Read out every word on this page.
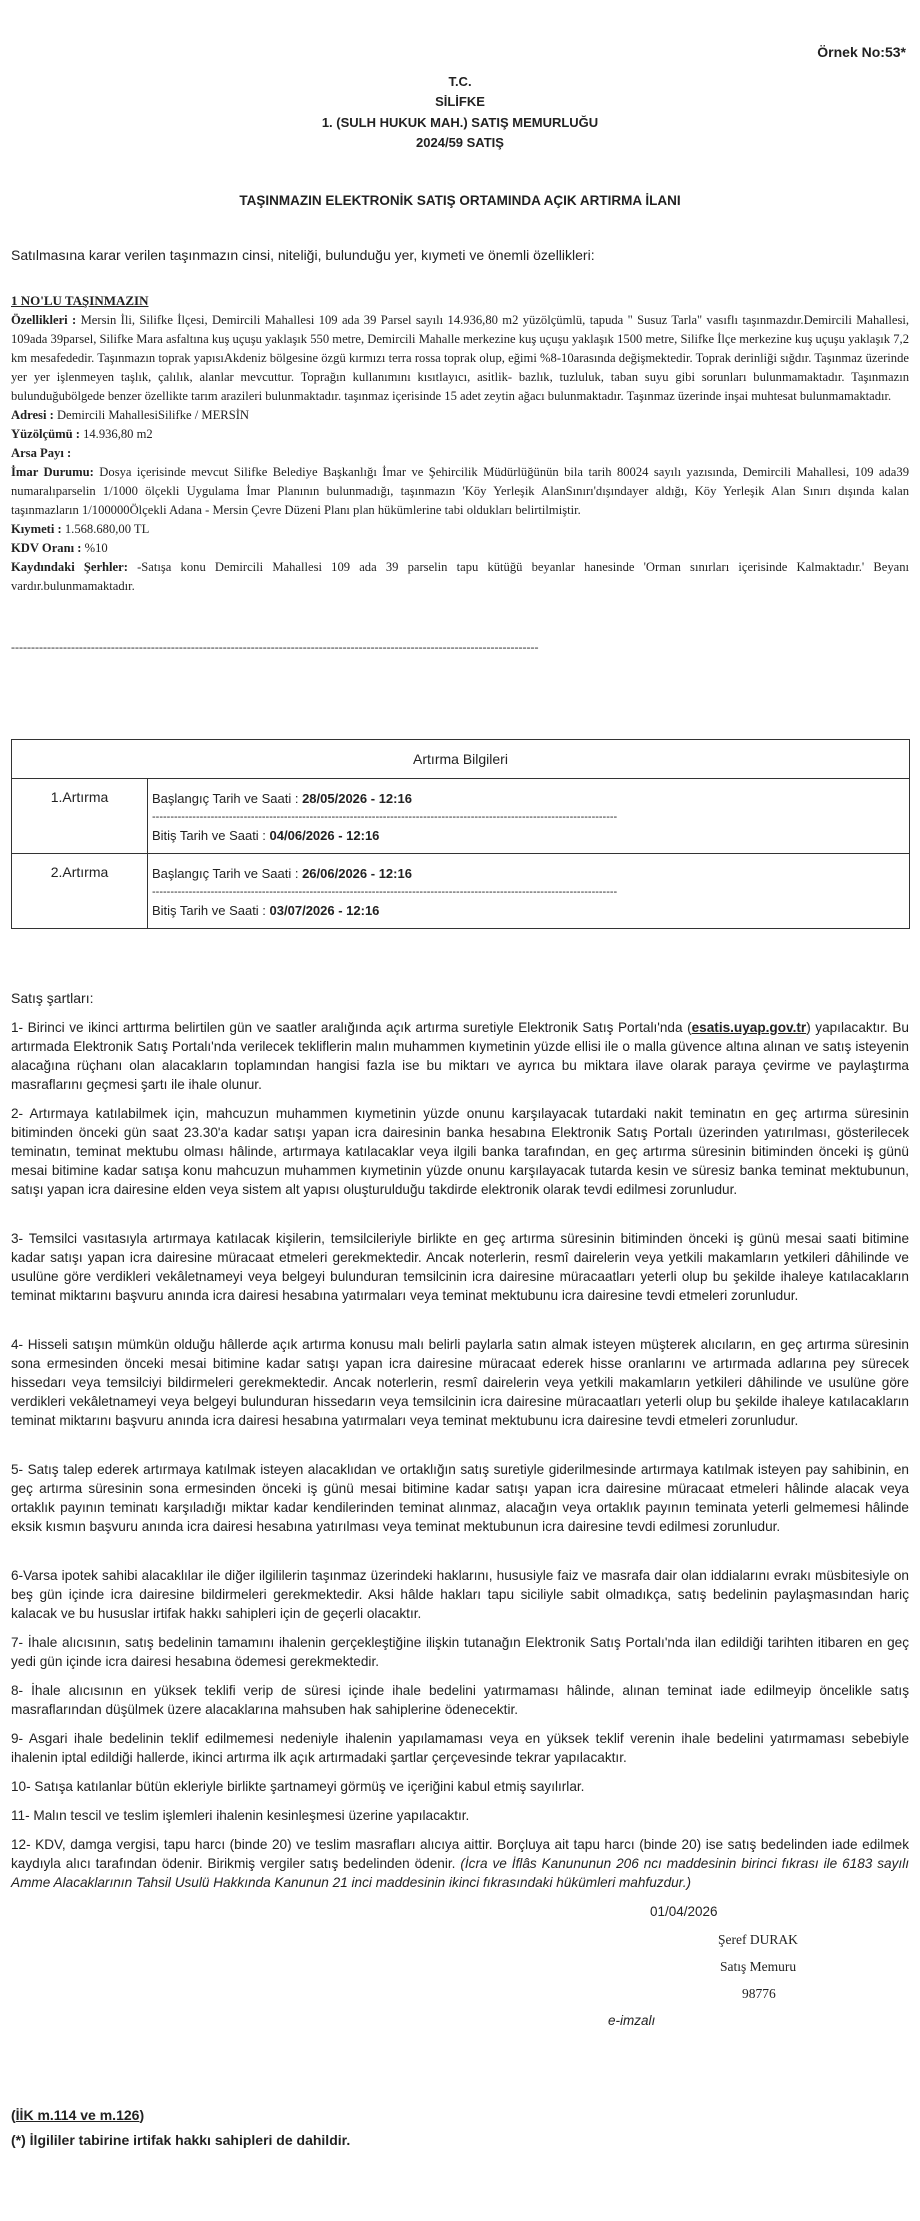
Örnek No:53*
T.C.
SİLİFKE
1. (SULH HUKUK MAH.) SATIŞ MEMURLUĞU
2024/59 SATIŞ
TAŞINMAZIN ELEKTRONİK SATIŞ ORTAMINDA AÇIK ARTIRMA İLANI
Satılmasına karar verilen taşınmazın cinsi, niteliği, bulunduğu yer, kıymeti ve önemli özellikleri:
1 NO'LU TAŞINMAZIN
Özellikleri : Mersin İli, Silifke İlçesi, Demircili Mahallesi 109 ada 39 Parsel sayılı 14.936,80 m2 yüzölçümlü, tapuda " Susuz Tarla" vasıflı taşınmazdır.Demircili Mahallesi, 109ada 39parsel, Silifke Mara asfaltına kuş uçuşu yaklaşık 550 metre, Demircili Mahalle merkezine kuş uçuşu yaklaşık 1500 metre, Silifke İlçe merkezine kuş uçuşu yaklaşık 7,2 km mesafededir. Taşınmazın toprak yapısıAkdeniz bölgesine özgü kırmızı terra rossa toprak olup, eğimi %8-10arasında değişmektedir. Toprak derinliği sığdır. Taşınmaz üzerinde yer yer işlenmeyen taşlık, çalılık, alanlar mevcuttur. Toprağın kullanımını kısıtlayıcı, asitlik- bazlık, tuzluluk, taban suyu gibi sorunları bulunmamaktadır. Taşınmazın bulunduğubölgede benzer özellikte tarım arazileri bulunmaktadır. taşınmaz içerisinde 15 adet zeytin ağacı bulunmaktadır. Taşınmaz üzerinde inşai muhtesat bulunmamaktadır.
Adresi : Demircili MahallesiSilifke / MERSİN
Yüzölçümü : 14.936,80 m2
Arsa Payı :
İmar Durumu: Dosya içerisinde mevcut Silifke Belediye Başkanlığı İmar ve Şehircilik Müdürlüğünün bila tarih 80024 sayılı yazısında, Demircili Mahallesi, 109 ada39 numaralıparselin 1/1000 ölçekli Uygulama İmar Planının bulunmadığı, taşınmazın 'Köy Yerleşik AlanSınırı'dışındayer aldığı, Köy Yerleşik Alan Sınırı dışında kalan taşınmazların 1/100000Ölçekli Adana - Mersin Çevre Düzeni Planı plan hükümlerine tabi oldukları belirtilmiştir.
Kıymeti : 1.568.680,00 TL
KDV Oranı : %10
Kaydındaki Şerhler: -Satışa konu Demircili Mahallesi 109 ada 39 parselin tapu kütüğü beyanlar hanesinde 'Orman sınırları içerisinde Kalmaktadır.' Beyanı vardır.bulunmamaktadır.
------------------------------------------------------------------------------------------------------------------------------------
Artırma Bilgileri	
1.Artırma	Başlangıç Tarih ve Saati : 28/05/2026 - 12:16
-------------------------------------------------------------------------------------------------------------------------------
Bitiş Tarih ve Saati : 04/06/2026 - 12:16

2.Artırma	Başlangıç Tarih ve Saati : 26/06/2026 - 12:16
-------------------------------------------------------------------------------------------------------------------------------
Bitiş Tarih ve Saati : 03/07/2026 - 12:16
Satış şartları:
1- Birinci ve ikinci arttırma belirtilen gün ve saatler aralığında açık artırma suretiyle Elektronik Satış Portalı'nda (esatis.uyap.gov.tr) yapılacaktır. Bu artırmada Elektronik Satış Portalı'nda verilecek tekliflerin malın muhammen kıymetinin yüzde ellisi ile o malla güvence altına alınan ve satış isteyenin alacağına rüçhanı olan alacakların toplamından hangisi fazla ise bu miktarı ve ayrıca bu miktara ilave olarak paraya çevirme ve paylaştırma masraflarını geçmesi şartı ile ihale olunur.
2- Artırmaya katılabilmek için, mahcuzun muhammen kıymetinin yüzde onunu karşılayacak tutardaki nakit teminatın en geç artırma süresinin bitiminden önceki gün saat 23.30'a kadar satışı yapan icra dairesinin banka hesabına Elektronik Satış Portalı üzerinden yatırılması, gösterilecek teminatın, teminat mektubu olması hâlinde, artırmaya katılacaklar veya ilgili banka tarafından, en geç artırma süresinin bitiminden önceki iş günü mesai bitimine kadar satışa konu mahcuzun muhammen kıymetinin yüzde onunu karşılayacak tutarda kesin ve süresiz banka teminat mektubunun, satışı yapan icra dairesine elden veya sistem alt yapısı oluşturulduğu takdirde elektronik olarak tevdi edilmesi zorunludur.
3- Temsilci vasıtasıyla artırmaya katılacak kişilerin, temsilcileriyle birlikte en geç artırma süresinin bitiminden önceki iş günü mesai saati bitimine kadar satışı yapan icra dairesine müracaat etmeleri gerekmektedir. Ancak noterlerin, resmî dairelerin veya yetkili makamların yetkileri dâhilinde ve usulüne göre verdikleri vekâletnameyi veya belgeyi bulunduran temsilcinin icra dairesine müracaatları yeterli olup bu şekilde ihaleye katılacakların teminat miktarını başvuru anında icra dairesi hesabına yatırmaları veya teminat mektubunu icra dairesine tevdi etmeleri zorunludur.
4- Hisseli satışın mümkün olduğu hâllerde açık artırma konusu malı belirli paylarla satın almak isteyen müşterek alıcıların, en geç artırma süresinin sona ermesinden önceki mesai bitimine kadar satışı yapan icra dairesine müracaat ederek hisse oranlarını ve artırmada adlarına pey sürecek hissedarı veya temsilciyi bildirmeleri gerekmektedir. Ancak noterlerin, resmî dairelerin veya yetkili makamların yetkileri dâhilinde ve usulüne göre verdikleri vekâletnameyi veya belgeyi bulunduran hissedarın veya temsilcinin icra dairesine müracaatları yeterli olup bu şekilde ihaleye katılacakların teminat miktarını başvuru anında icra dairesi hesabına yatırmaları veya teminat mektubunu icra dairesine tevdi etmeleri zorunludur.
5- Satış talep ederek artırmaya katılmak isteyen alacaklıdan ve ortaklığın satış suretiyle giderilmesinde artırmaya katılmak isteyen pay sahibinin, en geç artırma süresinin sona ermesinden önceki iş günü mesai bitimine kadar satışı yapan icra dairesine müracaat etmeleri hâlinde alacak veya ortaklık payının teminatı karşıladığı miktar kadar kendilerinden teminat alınmaz, alacağın veya ortaklık payının teminata yeterli gelmemesi hâlinde eksik kısmın başvuru anında icra dairesi hesabına yatırılması veya teminat mektubunun icra dairesine tevdi edilmesi zorunludur.
6-Varsa ipotek sahibi alacaklılar ile diğer ilgililerin taşınmaz üzerindeki haklarını, hususiyle faiz ve masrafa dair olan iddialarını evrakı müsbitesiyle on beş gün içinde icra dairesine bildirmeleri gerekmektedir. Aksi hâlde hakları tapu siciliyle sabit olmadıkça, satış bedelinin paylaşmasından hariç kalacak ve bu hususlar irtifak hakkı sahipleri için de geçerli olacaktır.
7- İhale alıcısının, satış bedelinin tamamını ihalenin gerçekleştiğine ilişkin tutanağın Elektronik Satış Portalı'nda ilan edildiği tarihten itibaren en geç yedi gün içinde icra dairesi hesabına ödemesi gerekmektedir.
8- İhale alıcısının en yüksek teklifi verip de süresi içinde ihale bedelini yatırmaması hâlinde, alınan teminat iade edilmeyip öncelikle satış masraflarından düşülmek üzere alacaklarına mahsuben hak sahiplerine ödenecektir.
9- Asgari ihale bedelinin teklif edilmemesi nedeniyle ihalenin yapılamaması veya en yüksek teklif verenin ihale bedelini yatırmaması sebebiyle ihalenin iptal edildiği hallerde, ikinci artırma ilk açık artırmadaki şartlar çerçevesinde tekrar yapılacaktır.
10- Satışa katılanlar bütün ekleriyle birlikte şartnameyi görmüş ve içeriğini kabul etmiş sayılırlar.
11- Malın tescil ve teslim işlemleri ihalenin kesinleşmesi üzerine yapılacaktır.
12- KDV, damga vergisi, tapu harcı (binde 20) ve teslim masrafları alıcıya aittir. Borçluya ait tapu harcı (binde 20) ise satış bedelinden iade edilmek kaydıyla alıcı tarafından ödenir. Birikmiş vergiler satış bedelinden ödenir. (İcra ve İflâs Kanununun 206 ncı maddesinin birinci fıkrası ile 6183 sayılı Amme Alacaklarının Tahsil Usulü Hakkında Kanunun 21 inci maddesinin ikinci fıkrasındaki hükümleri mahfuzdur.)
01/04/2026
Şeref DURAK
Satış Memuru
98776
e-imzalı
(İİK m.114 ve m.126)
(*) İlgililer tabirine irtifak hakkı sahipleri de dahildir.
